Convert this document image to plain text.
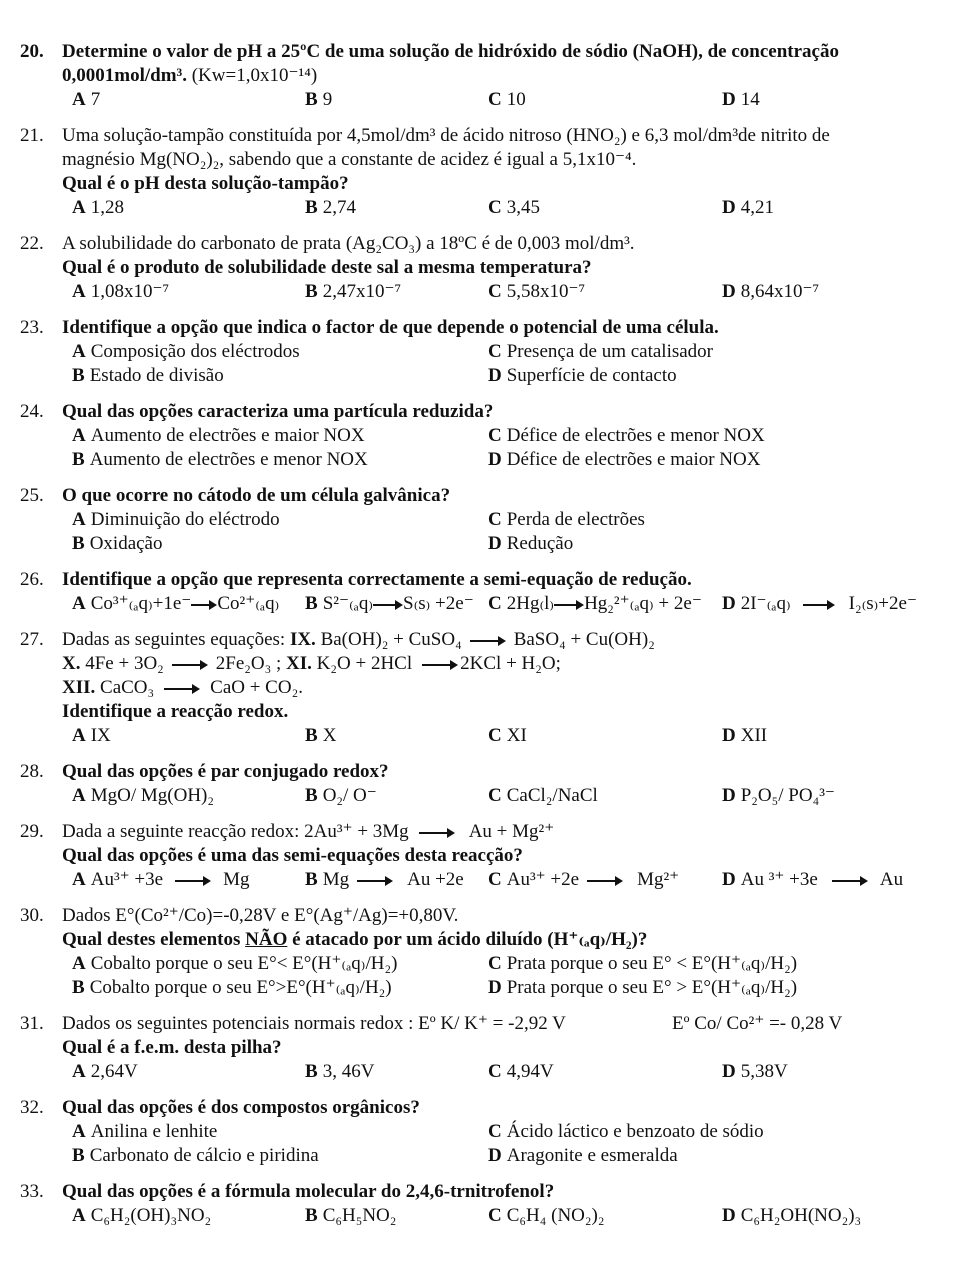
20. Determine o valor de pH a 25ºC de uma solução de hidróxido de sódio (NaOH), de concentração
0,0001mol/dm³. (Kw=1,0x10⁻¹⁴)
A 7	B 9	C 10	D 14
21. Uma solução-tampão constituída por 4,5mol/dm³ de ácido nitroso (HNO₂) e 6,3 mol/dm³de nitrito de
magnésio Mg(NO₂)₂, sabendo que a constante de acidez é igual a 5,1x10⁻⁴.
Qual é o pH desta solução-tampão?
A 1,28	B 2,74	C 3,45	D 4,21
22. A solubilidade do carbonato de prata (Ag₂CO₃) a 18ºC é de 0,003 mol/dm³.
Qual é o produto de solubilidade deste sal a mesma temperatura?
A 1,08x10⁻⁷	B 2,47x10⁻⁷	C 5,58x10⁻⁷	D 8,64x10⁻⁷
23. Identifique a opção que indica o factor de que depende o potencial de uma célula.
A Composição dos eléctrodos	C Presença de um catalisador
B Estado de divisão	D Superfície de contacto
24. Qual das opções caracteriza uma partícula reduzida?
A Aumento de electrões e maior NOX	C Défice de electrões e menor NOX
B Aumento de electrões e menor NOX	D Défice de electrões e maior NOX
25. O que ocorre no cátodo de um célula galvânica?
A Diminuição do eléctrodo	C Perda de electrões
B Oxidação	D Redução
26. Identifique a opção que representa correctamente a semi-equação de redução.
A Co³⁺₍ₐq₎+1e⁻ Co²⁺₍ₐq₎ B S²⁻₍ₐq₎ S₍s₎ +2e⁻ C 2Hg₍l₎ Hg₂²⁺₍ₐq₎ + 2e⁻ D 2I⁻₍ₐq₎	I₂₍s₎+2e⁻
27. Dadas as seguintes equações: IX. Ba(OH)₂ + CuSO₄	BaSO₄ + Cu(OH)₂
X. 4Fe + 3O₂	2Fe₂O₃ ; XI. K₂O + 2HCl	2KCl + H₂O;
XII. CaCO₃	CaO + CO₂.
Identifique a reacção redox.
A IX	B X	C XI	D XII
28. Qual das opções é par conjugado redox?
A MgO/ Mg(OH)₂	B O₂/ O⁻	C CaCl₂/NaCl	D P₂O₅/ PO₄³⁻
29. Dada a seguinte reacção redox: 2Au³⁺ + 3Mg	Au + Mg²⁺
Qual das opções é uma das semi-equações desta reacção?
A Au³⁺ +3e	Mg	B Mg	Au +2e C Au³⁺ +2e	Mg²⁺ D Au ³⁺ +3e	Au
30. Dados E°(Co²⁺/Co)=-0,28V e E°(Ag⁺/Ag)=+0,80V.
Qual destes elementos NÃO é atacado por um ácido diluído (H⁺₍ₐq₎/H₂)?
A Cobalto porque o seu E°< E°(H⁺₍ₐq₎/H₂)	C Prata porque o seu E° < E°(H⁺₍ₐq₎/H₂)
B Cobalto porque o seu E°>E°(H⁺₍ₐq₎/H₂)	D Prata porque o seu E° > E°(H⁺₍ₐq₎/H₂)
31. Dados os seguintes potenciais normais redox : Eº K/ K⁺ = -2,92 V	Eº Co/ Co²⁺ =- 0,28 V
Qual é a f.e.m. desta pilha?
A 2,64V	B 3, 46V	C 4,94V	D 5,38V
32. Qual das opções é dos compostos orgânicos?
A Anilina e lenhite	C Ácido láctico e benzoato de sódio
B Carbonato de cálcio e piridina	D Aragonite e esmeralda
33. Qual das opções é a fórmula molecular do 2,4,6-trnitrofenol?
A C₆H₂(OH)₃NO₂	B C₆H₅NO₂	C C₆H₄ (NO₂)₂	D C₆H₂OH(NO₂)₃
